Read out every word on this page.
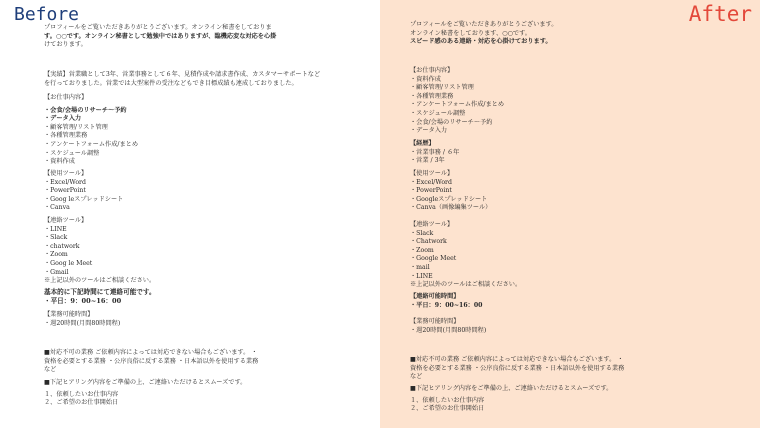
Before
プロフィールをご覧いただきありがとうございます。オンライン秘書をしておりま
す。○○です。オンライン秘書として勉強中ではありますが、臨機応変な対応を心掛
けております。
【実績】営業職として3年、営業事務として６年、見積作成や請求書作成、カスタマーサポートなど
を行っておりました。営業では大型案件の受注などもでき目標成績も連成しておりました。
【お仕事内容】
・会食/会場のリサーチ～予約
・データ入力
・顧客管理/リスト管理
・各種管理業務
・アンケートフォーム作成/まとめ
・スケジュール調整
・資料作成
【使用ツール】
・Excel/Word
・PowerPoint
・Goog leスプレッドシート
・Canva
【連絡ツール】
・LINE
・Slack
・chatwork
・Zoom
・Goog le Meet
・Gmail
※上記以外のツールはご相談ください。
基本的に下記時間にて連絡可能です。
・平日：9：00~16：00
【業務可能時間】
・週20時間(月間80時間程)
■対応不可の業務 ご依頼内容によっては対応できない場合もございます。 ・
資格を必要とする業務 ・公序良俗に反する業務 ・日本語以外を使用する業務
など
■下記ヒアリング内容をご準備の上、ご連絡いただけるとスムーズです。
１、依頼したいお仕事内容
２、ご希望のお仕事開始日
After
プロフィールをご覧いただきありがとうございます。
オンライン秘書をしております、○○です。
スピード感のある連絡・対応を心掛けております。
【お仕事内容】
・資料作成
・顧客管理/リスト管理
・各種管理業務
・アンケートフォーム作成/まとめ
・スケジュール調整
・会食/会場のリサーチ～予約
・データ入力
【経歴】
・営業事務 / ６年
・営業 / 3年
【使用ツール】
・Excel/Word
・PowerPoint
・Googleスプレッドシート
・Canva（画像編集ツール）
【連絡ツール】
・Slack
・Chatwork
・Zoom
・Google Meet
・mail
・LINE
※上記以外のツールはご相談ください。
【連絡可能時間】
・平日：9：00~16：00
【業務可能時間】
・週20時間(月間80時間程)
■対応不可の業務 ご依頼内容によっては対応できない場合もございます。 ・
資格を必要とする業務 ・公序良俗に反する業務 ・日本語以外を使用する業務
など
■下記ヒアリング内容をご準備の上、ご連絡いただけるとスムーズです。
１、依頼したいお仕事内容
２、ご希望のお仕事開始日
